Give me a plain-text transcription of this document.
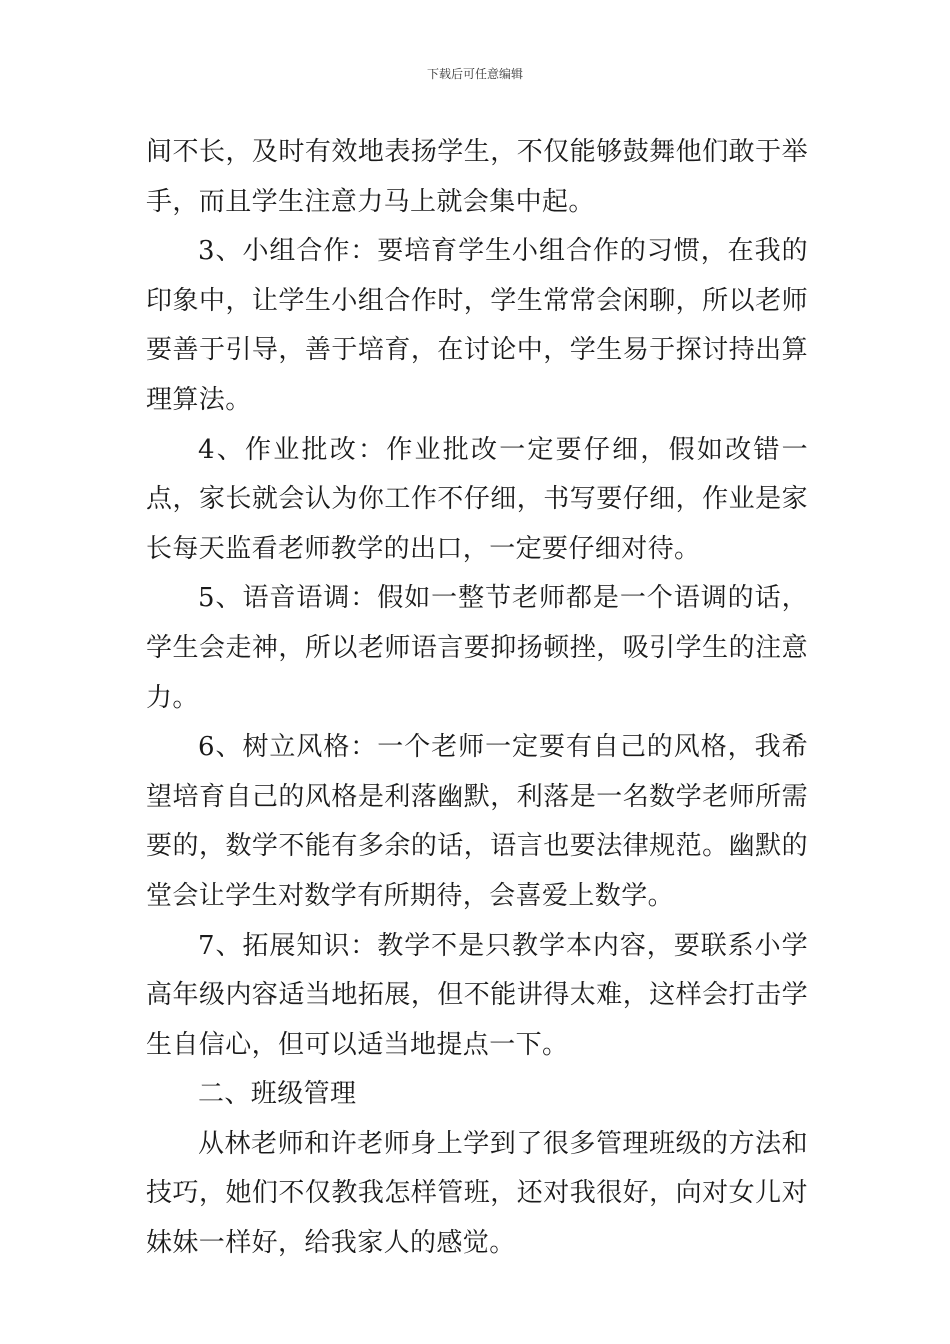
下载后可任意编辑

间不长，及时有效地表扬学生，不仅能够鼓舞他们敢于举手，而且学生注意力马上就会集中起。

3、小组合作：要培育学生小组合作的习惯，在我的印象中，让学生小组合作时，学生常常会闲聊，所以老师要善于引导，善于培育，在讨论中，学生易于探讨持出算理算法。

4、作业批改：作业批改一定要仔细，假如改错一点，家长就会认为你工作不仔细，书写要仔细，作业是家长每天监看老师教学的出口，一定要仔细对待。

5、语音语调：假如一整节老师都是一个语调的话，学生会走神，所以老师语言要抑扬顿挫，吸引学生的注意力。

6、树立风格：一个老师一定要有自己的风格，我希望培育自己的风格是利落幽默，利落是一名数学老师所需要的，数学不能有多余的话，语言也要法律规范。幽默的堂会让学生对数学有所期待，会喜爱上数学。

7、拓展知识：教学不是只教学本内容，要联系小学高年级内容适当地拓展，但不能讲得太难，这样会打击学生自信心，但可以适当地提点一下。

二、班级管理

从林老师和许老师身上学到了很多管理班级的方法和技巧，她们不仅教我怎样管班，还对我很好，向对女儿对妹妹一样好，给我家人的感觉。
